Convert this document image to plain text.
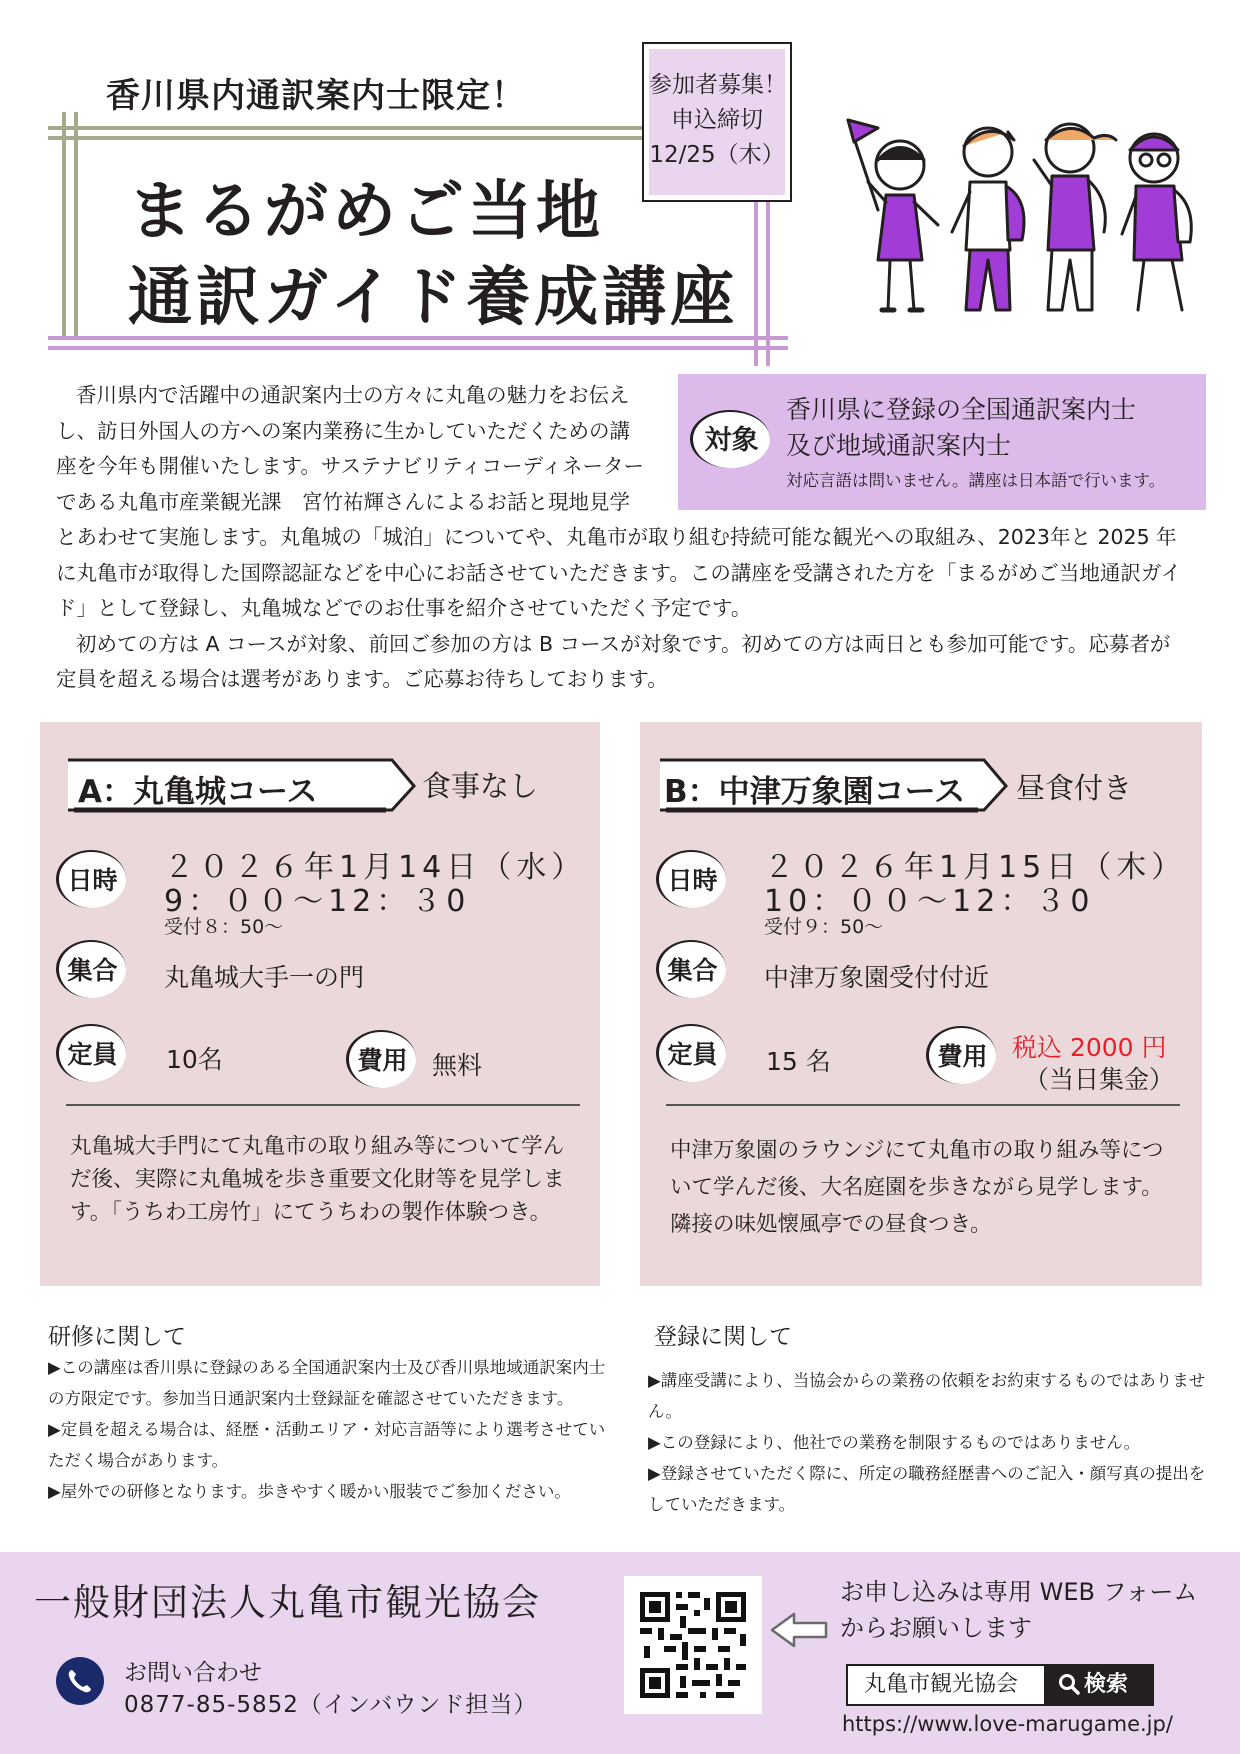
香川県内通訳案内士限定！
まるがめご当地
通訳ガイド養成講座
参加者募集！
申込締切
12/25（木）
対象
香川県に登録の全国通訳案内士
及び地域通訳案内士
対応言語は問いません。講座は日本語で行います。

香川県内で活躍中の通訳案内士の方々に丸亀の魅力をお伝えし、訪日外国人の方への案内業務に生かしていただくための講座を今年も開催いたします。サステナビリティコーディネーターである丸亀市産業観光課　宮竹祐輝さんによるお話と現地見学とあわせて実施します。丸亀城の「城泊」についてや、丸亀市が取り組む持続可能な観光への取組み、2023年と 2025 年に丸亀市が取得した国際認証などを中心にお話させていただきます。この講座を受講された方を「まるがめご当地通訳ガイド」として登録し、丸亀城などでのお仕事を紹介させていただく予定です。

初めての方は A コースが対象、前回ご参加の方は B コースが対象です。初めての方は両日とも参加可能です。応募者が定員を超える場合は選考があります。ご応募お待ちしております。

A：丸亀城コース	食事なし
日時 ２０２６年1月14日（水）
9：００～12：３0
受付８：50～
集合	丸亀城大手一の門
定員	10名	費用 無料
丸亀城大手門にて丸亀市の取り組み等について学んだ後、実際に丸亀城を歩き重要文化財等を見学します。「うちわ工房竹」にてうちわの製作体験つき。
B：中津万象園コース 昼食付き
日時 ２０２６年1月15日（木）
10：００～12：３0
受付９：50～
集合	中津万象園受付付近
定員	15 名	費用 税込 2000 円
（当日集金）
中津万象園のラウンジにて丸亀市の取り組み等について学んだ後、大名庭園を歩きながら見学します。隣接の味処懐風亭での昼食つき。
研修に関して
▶この講座は香川県に登録のある全国通訳案内士及び香川県地域通訳案内士の方限定です。参加当日通訳案内士登録証を確認させていただきます。
▶定員を超える場合は、経歴・活動エリア・対応言語等により選考させていただく場合があります。
▶屋外での研修となります。歩きやすく暖かい服装でご参加ください。
登録に関して
▶講座受講により、当協会からの業務の依頼をお約束するものではありません。
▶この登録により、他社での業務を制限するものではありません。
▶登録させていただく際に、所定の職務経歴書へのご記入・顔写真の提出をしていただきます。
一般財団法人丸亀市観光協会
お問い合わせ
0877-85-5852（インバウンド担当）
お申し込みは専用 WEB フォーム
からお願いします
丸亀市観光協会	検索
https://www.love-marugame.jp/
